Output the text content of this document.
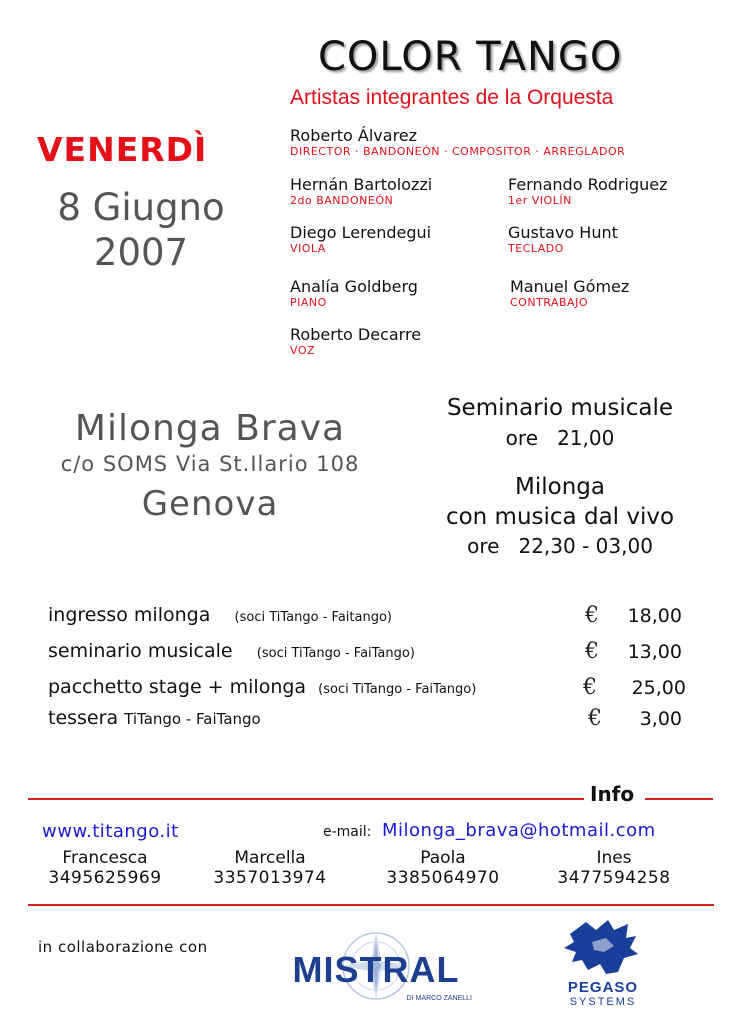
COLOR TANGO
Artistas integrantes de la Orquesta
VENERDÌ
8 Giugno
2007
Roberto Álvarez
DIRECTOR · BANDONEÓN · COMPOSITOR · ARREGLADOR
Hernán Bartolozzi
2do BANDONEÓN
Fernando Rodriguez
1er VIOLÍN
Diego Lerendegui
VIOLA
Gustavo Hunt
TECLADO
Analía Goldberg
PIANO
Manuel Gómez
CONTRABAJO
Roberto Decarre
VOZ
Milonga Brava
c/o SOMS Via St.Ilario 108
Genova
Seminario musicale
ore   21,00
Milonga
con musica dal vivo
ore   22,30 - 03,00
ingresso milonga (soci TiTango - Faitango)	€	18,00
seminario musicale (soci TiTango - FaiTango)	€	13,00
pacchetto stage + milonga (soci TiTango - FaiTango)	€	25,00
tessera TiTango - FaiTango	€	3,00
Info
www.titango.it	e-mail: Milonga_brava@hotmail.com
Francesca
3495625969
Marcella
3357013974
Paola
3385064970
Ines
3477594258
in collaborazione con
MISTRAL
DI MARCO ZANELLI
PEGASO
SYSTEMS
